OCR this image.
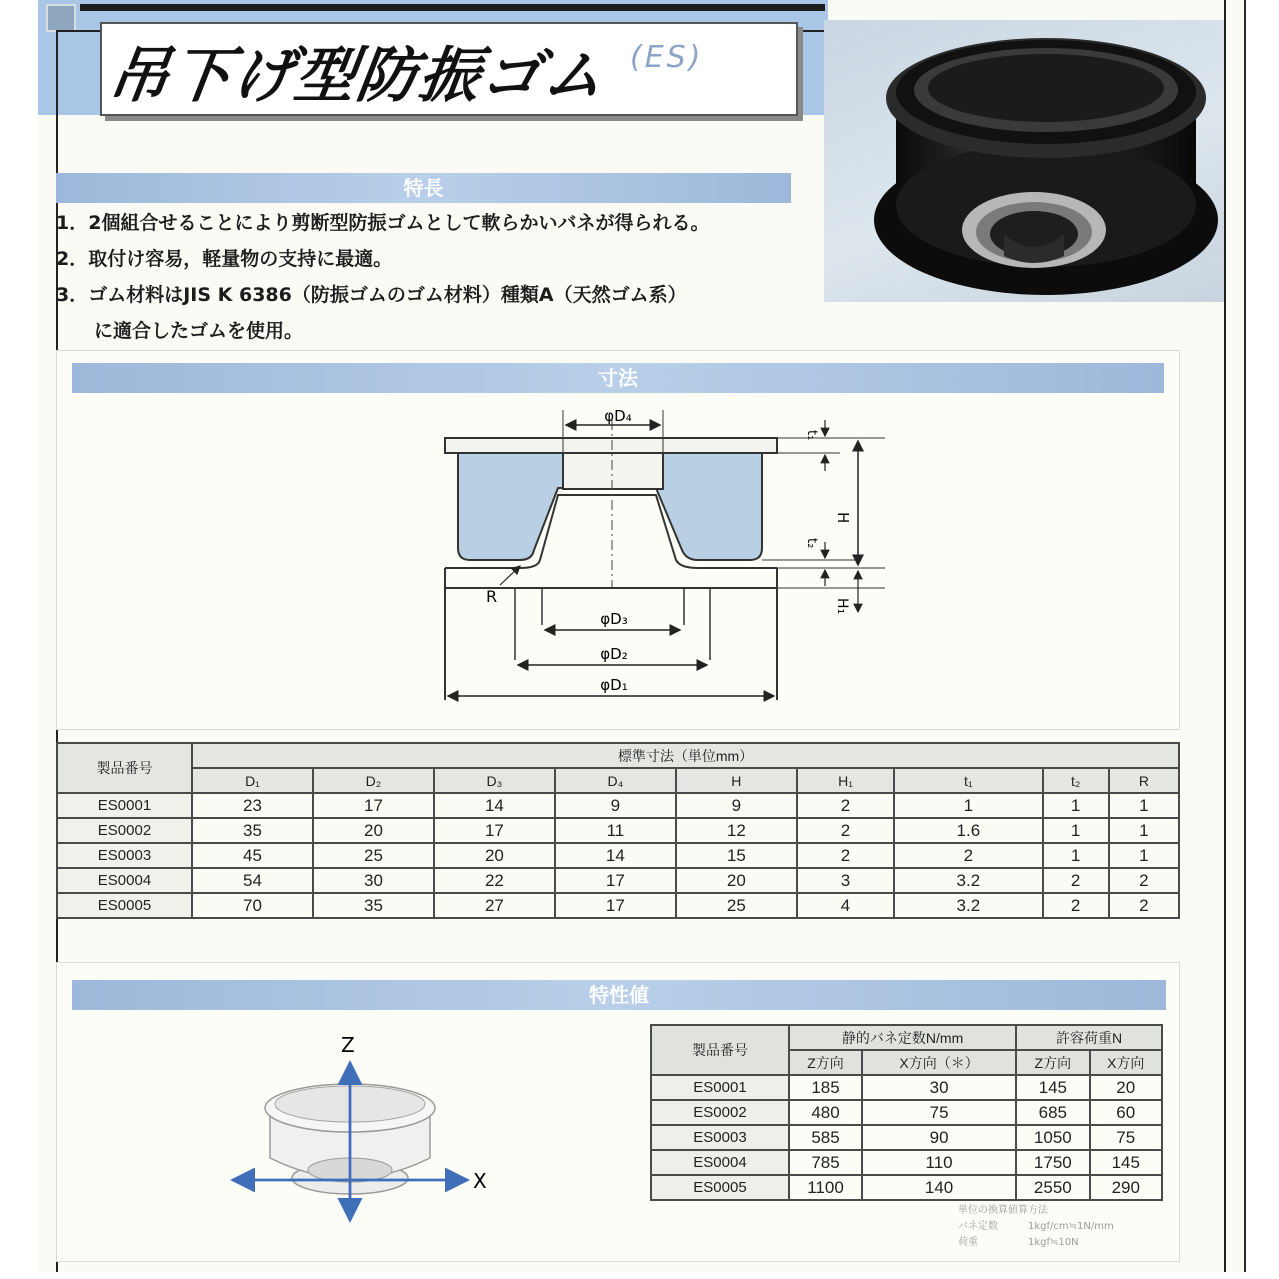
吊下げ型防振ゴム (ES)
特長
1．2個組合せることにより剪断型防振ゴムとして軟らかいバネが得られる。
2．取付け容易，軽量物の支持に最適。
3．ゴム材料はJIS K 6386（防振ゴムのゴム材料）種類A（天然ゴム系）
　　に適合したゴムを使用。
寸法
φD₄
φD₃
φD₂
φD₁
t₁
H
t₂
H₁
R
製品番号	標準寸法（単位mm）								
	D₁	D₂	D₃	D₄	H	H₁	t₁	t₂	R
ES0001	23	17	14	9	9	2	1	1	1
ES0002	35	20	17	11	12	2	1.6	1	1
ES0003	45	25	20	14	15	2	2	1	1
ES0004	54	30	22	17	20	3	3.2	2	2
ES0005	70	35	27	17	25	4	3.2	2	2
特性値
Z
X
製品番号	静的バネ定数N/mm		許容荷重N	
	Z方向	X方向（＊）	Z方向	X方向
ES0001	185	30	145	20
ES0002	480	75	685	60
ES0003	585	90	1050	75
ES0004	785	110	1750	145
ES0005	1100	140	2550	290
単位の換算値算方法
バネ定数	1kgf/cm≒1N/mm
荷重	1kgf≒10N
